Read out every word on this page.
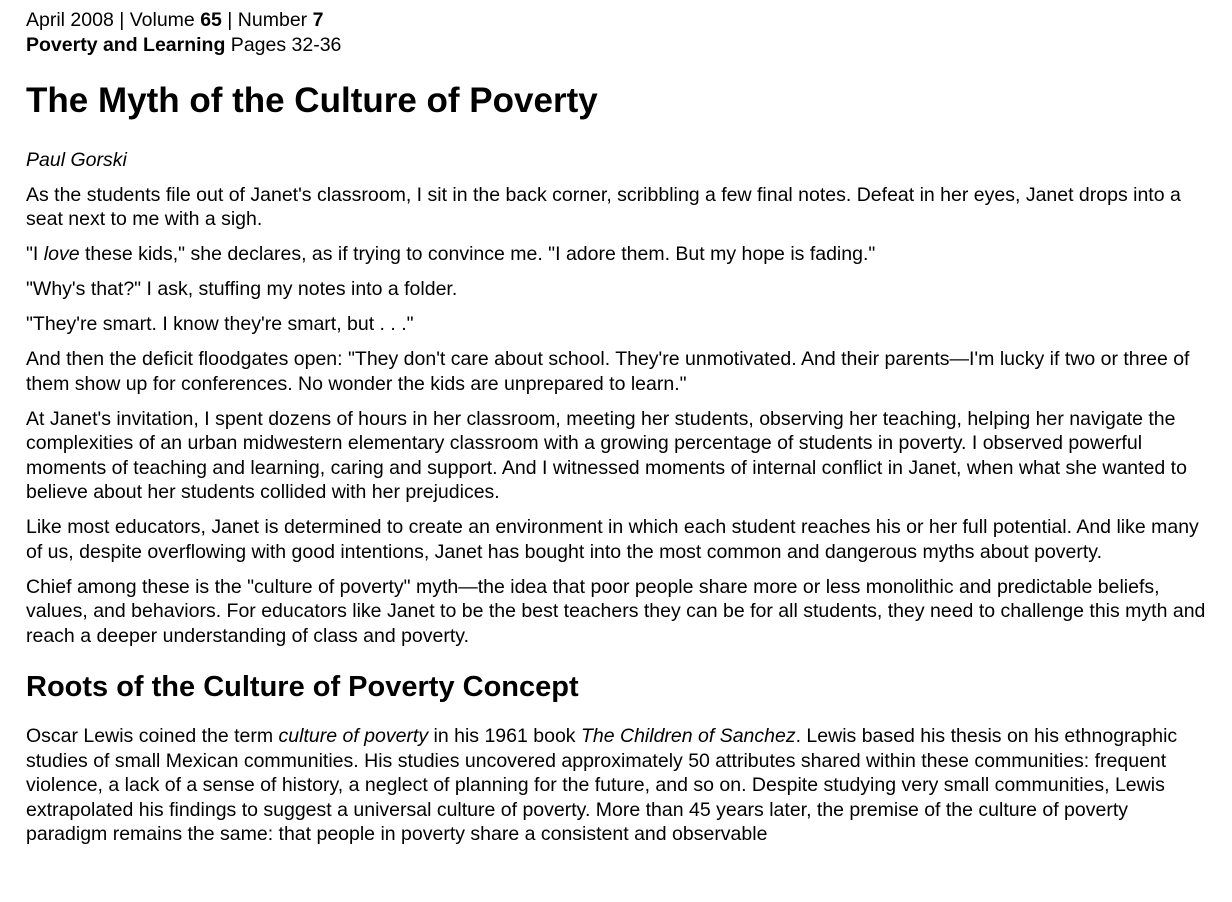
April 2008 | Volume 65 | Number 7

Poverty and Learning Pages 32-36

The Myth of the Culture of Poverty

Paul Gorski

As the students file out of Janet's classroom, I sit in the back corner, scribbling a few final notes. Defeat in her eyes, Janet drops into a seat next to me with a sigh.

"I love these kids," she declares, as if trying to convince me. "I adore them. But my hope is fading."

"Why's that?" I ask, stuffing my notes into a folder.

"They're smart. I know they're smart, but . . ."

And then the deficit floodgates open: "They don't care about school. They're unmotivated. And their parents—I'm lucky if two or three of them show up for conferences. No wonder the kids are unprepared to learn."

At Janet's invitation, I spent dozens of hours in her classroom, meeting her students, observing her teaching, helping her navigate the complexities of an urban midwestern elementary classroom with a growing percentage of students in poverty. I observed powerful moments of teaching and learning, caring and support. And I witnessed moments of internal conflict in Janet, when what she wanted to believe about her students collided with her prejudices.

Like most educators, Janet is determined to create an environment in which each student reaches his or her full potential. And like many of us, despite overflowing with good intentions, Janet has bought into the most common and dangerous myths about poverty.

Chief among these is the "culture of poverty" myth—the idea that poor people share more or less monolithic and predictable beliefs, values, and behaviors. For educators like Janet to be the best teachers they can be for all students, they need to challenge this myth and reach a deeper understanding of class and poverty.

Roots of the Culture of Poverty Concept

Oscar Lewis coined the term culture of poverty in his 1961 book The Children of Sanchez. Lewis based his thesis on his ethnographic studies of small Mexican communities. His studies uncovered approximately 50 attributes shared within these communities: frequent violence, a lack of a sense of history, a neglect of planning for the future, and so on. Despite studying very small communities, Lewis extrapolated his findings to suggest a universal culture of poverty. More than 45 years later, the premise of the culture of poverty paradigm remains the same: that people in poverty share a consistent and observable
